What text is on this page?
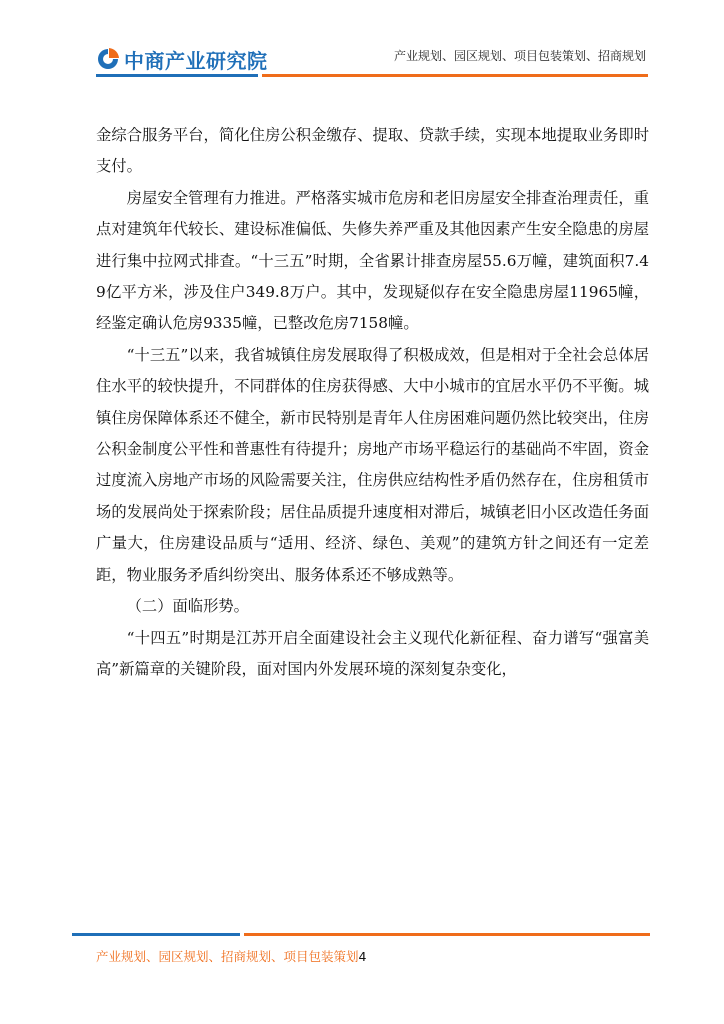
中商产业研究院	产业规划、园区规划、项目包装策划、招商规划

金综合服务平台，简化住房公积金缴存、提取、贷款手续，实现本地提取业务即时支付。

房屋安全管理有力推进。严格落实城市危房和老旧房屋安全排查治理责任，重点对建筑年代较长、建设标准偏低、失修失养严重及其他因素产生安全隐患的房屋进行集中拉网式排查。“十三五”时期，全省累计排查房屋55.6万幢，建筑面积7.49亿平方米，涉及住户349.8万户。其中，发现疑似存在安全隐患房屋11965幢，经鉴定确认危房9335幢，已整改危房7158幢。

“十三五”以来，我省城镇住房发展取得了积极成效，但是相对于全社会总体居住水平的较快提升，不同群体的住房获得感、大中小城市的宜居水平仍不平衡。城镇住房保障体系还不健全，新市民特别是青年人住房困难问题仍然比较突出，住房公积金制度公平性和普惠性有待提升；房地产市场平稳运行的基础尚不牢固，资金过度流入房地产市场的风险需要关注，住房供应结构性矛盾仍然存在，住房租赁市场的发展尚处于探索阶段；居住品质提升速度相对滞后，城镇老旧小区改造任务面广量大，住房建设品质与“适用、经济、绿色、美观”的建筑方针之间还有一定差距，物业服务矛盾纠纷突出、服务体系还不够成熟等。

（二）面临形势。

“十四五”时期是江苏开启全面建设社会主义现代化新征程、奋力谱写“强富美高”新篇章的关键阶段，面对国内外发展环境的深刻复杂变化，

产业规划、园区规划、招商规划、项目包装策划4
